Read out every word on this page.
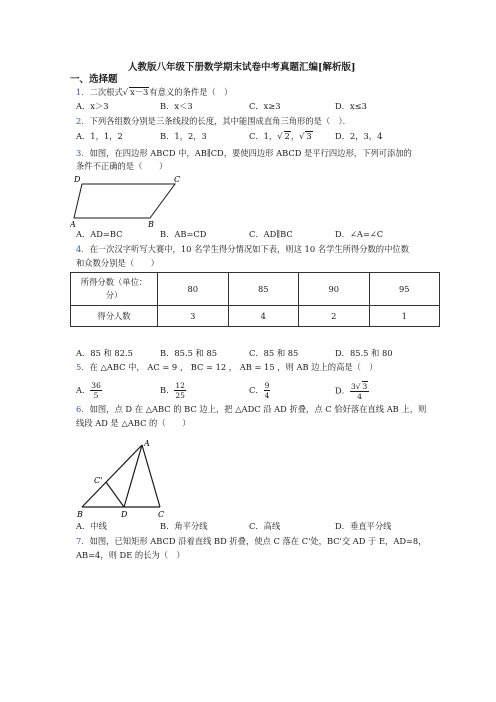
人教版八年级下册数学期末试卷中考真题汇编[解析版]
一、选择题
1．二次根式√ x－3有意义的条件是（　）
A．x＞3	B．x＜3	C．x≥3	D．x≤3
2．下列各组数分别是三条线段的长度，其中能围成直角三角形的是（　）．
A．1，1，2	B．1，2，3	C．1，√ 2，√ 3	D．2，3，4
3．如图，在四边形 ABCD 中，AB∥CD，要使四边形 ABCD 是平行四边形，下列可添加的
条件不正确的是（　　）
D	C
A	B
A．AD=BC	B．AB=CD	C．AD∥BC	D．∠A=∠C
4．在一次汉字听写大赛中，10 名学生得分情况如下表，则这 10 名学生所得分数的中位数
和众数分别是（　　）
所得分数（单位：
分）	80	85	90	95
得分人数	3	4	2	1
A．85 和 82.5	B．85.5 和 85	C．85 和 85	D．85.5 和 80
5．在 △ABC 中， AC = 9 ， BC = 12 ， AB = 15 ，则 AB 边上的高是（　）
A． $\frac{36}{5}$	B． $\frac{12}{25}$	C． $\frac{9}{4}$	D． $\frac{3√ 3}{4}$
6．如图，点 D 在 △ABC 的 BC 边上，把 △ADC 沿 AD 折叠，点 C 恰好落在直线 AB 上，则
线段 AD 是 △ABC 的（　　）
A
C'
B	D	C
A．中线	B．角平分线	C．高线	D．垂直平分线
7．如图，已知矩形 ABCD 沿着直线 BD 折叠，使点 C 落在 C'处，BC'交 AD 于 E，AD=8，
AB=4，则 DE 的长为（　）
